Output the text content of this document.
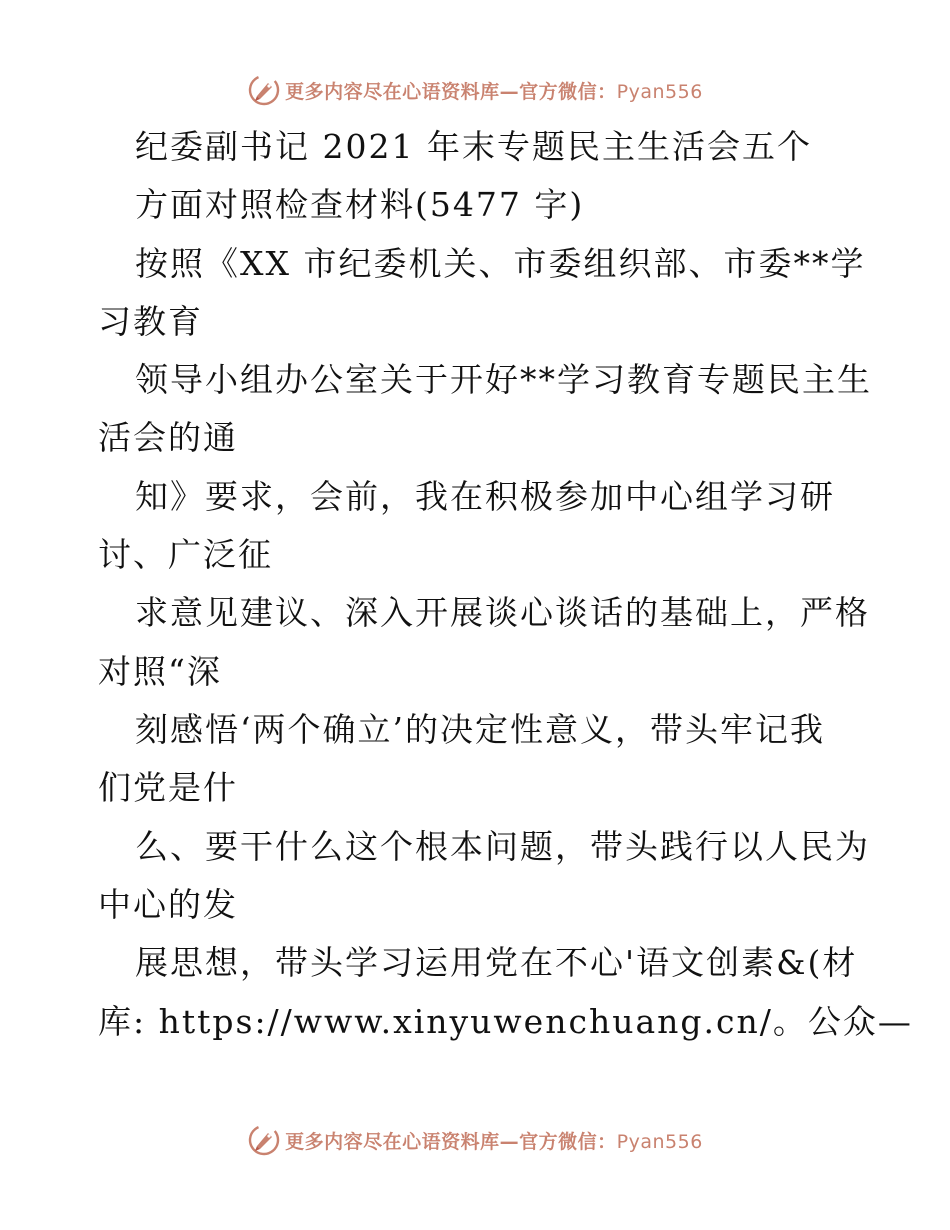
更多内容尽在心语资料库—官方微信：Pyan556
纪委副书记 2021 年末专题民主生活会五个
方面对照检查材料(5477 字)
按照《XX 市纪委机关、市委组织部、市委**学
习教育
领导小组办公室关于开好**学习教育专题民主生
活会的通
知》要求，会前，我在积极参加中心组学习研
讨、广泛征
求意见建议、深入开展谈心谈话的基础上，严格
对照“深
刻感悟‘两个确立’的决定性意义，带头牢记我
们党是什
么、要干什么这个根本问题，带头践行以人民为
中心的发
展思想，带头学习运用党在不心'语文创素&(材
库: https://www.xinyuwenchuang.cn/。公众—
更多内容尽在心语资料库—官方微信：Pyan556
